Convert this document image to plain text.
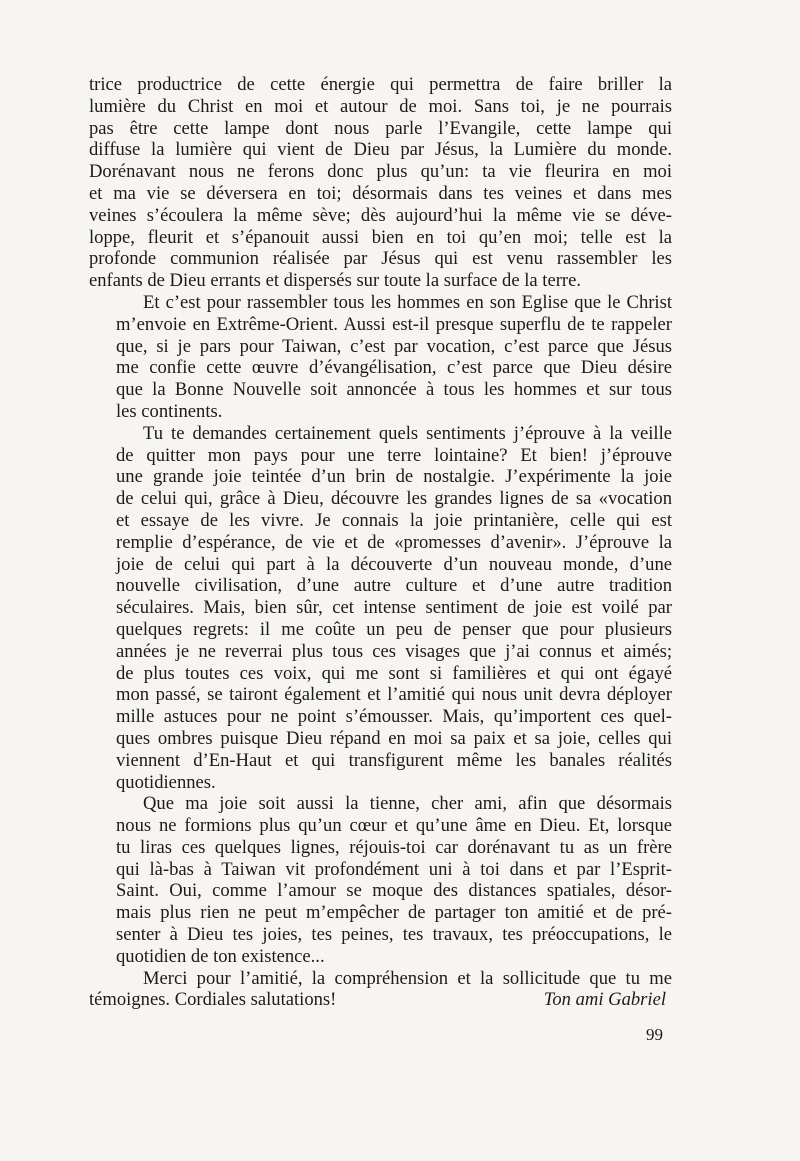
trice productrice de cette énergie qui permettra de faire briller la
lumière du Christ en moi et autour de moi. Sans toi, je ne pourrais
pas être cette lampe dont nous parle l’Evangile, cette lampe qui
diffuse la lumière qui vient de Dieu par Jésus, la Lumière du monde.
Dorénavant nous ne ferons donc plus qu’un: ta vie fleurira en moi
et ma vie se déversera en toi; désormais dans tes veines et dans mes
veines s’écoulera la même sève; dès aujourd’hui la même vie se déve-
loppe, fleurit et s’épanouit aussi bien en toi qu’en moi; telle est la
profonde communion réalisée par Jésus qui est venu rassembler les
enfants de Dieu errants et dispersés sur toute la surface de la terre.
Et c’est pour rassembler tous les hommes en son Eglise que le Christ
m’envoie en Extrême-Orient. Aussi est-il presque superflu de te rappeler
que, si je pars pour Taiwan, c’est par vocation, c’est parce que Jésus
me confie cette œuvre d’évangélisation, c’est parce que Dieu désire
que la Bonne Nouvelle soit annoncée à tous les hommes et sur tous
les continents.
Tu te demandes certainement quels sentiments j’éprouve à la veille
de quitter mon pays pour une terre lointaine? Et bien! j’éprouve
une grande joie teintée d’un brin de nostalgie. J’expérimente la joie
de celui qui, grâce à Dieu, découvre les grandes lignes de sa «vocation
et essaye de les vivre. Je connais la joie printanière, celle qui est
remplie d’espérance, de vie et de «promesses d’avenir». J’éprouve la
joie de celui qui part à la découverte d’un nouveau monde, d’une
nouvelle civilisation, d’une autre culture et d’une autre tradition
séculaires. Mais, bien sûr, cet intense sentiment de joie est voilé par
quelques regrets: il me coûte un peu de penser que pour plusieurs
années je ne reverrai plus tous ces visages que j’ai connus et aimés;
de plus toutes ces voix, qui me sont si familières et qui ont égayé
mon passé, se tairont également et l’amitié qui nous unit devra déployer
mille astuces pour ne point s’émousser. Mais, qu’importent ces quel-
ques ombres puisque Dieu répand en moi sa paix et sa joie, celles qui
viennent d’En-Haut et qui transfigurent même les banales réalités
quotidiennes.
Que ma joie soit aussi la tienne, cher ami, afin que désormais
nous ne formions plus qu’un cœur et qu’une âme en Dieu. Et, lorsque
tu liras ces quelques lignes, réjouis-toi car dorénavant tu as un frère
qui là-bas à Taiwan vit profondément uni à toi dans et par l’Esprit-
Saint. Oui, comme l’amour se moque des distances spatiales, désor-
mais plus rien ne peut m’empêcher de partager ton amitié et de pré-
senter à Dieu tes joies, tes peines, tes travaux, tes préoccupations, le
quotidien de ton existence...
Merci pour l’amitié, la compréhension et la sollicitude que tu me
témoignes. Cordiales salutations!	Ton ami Gabriel
99
